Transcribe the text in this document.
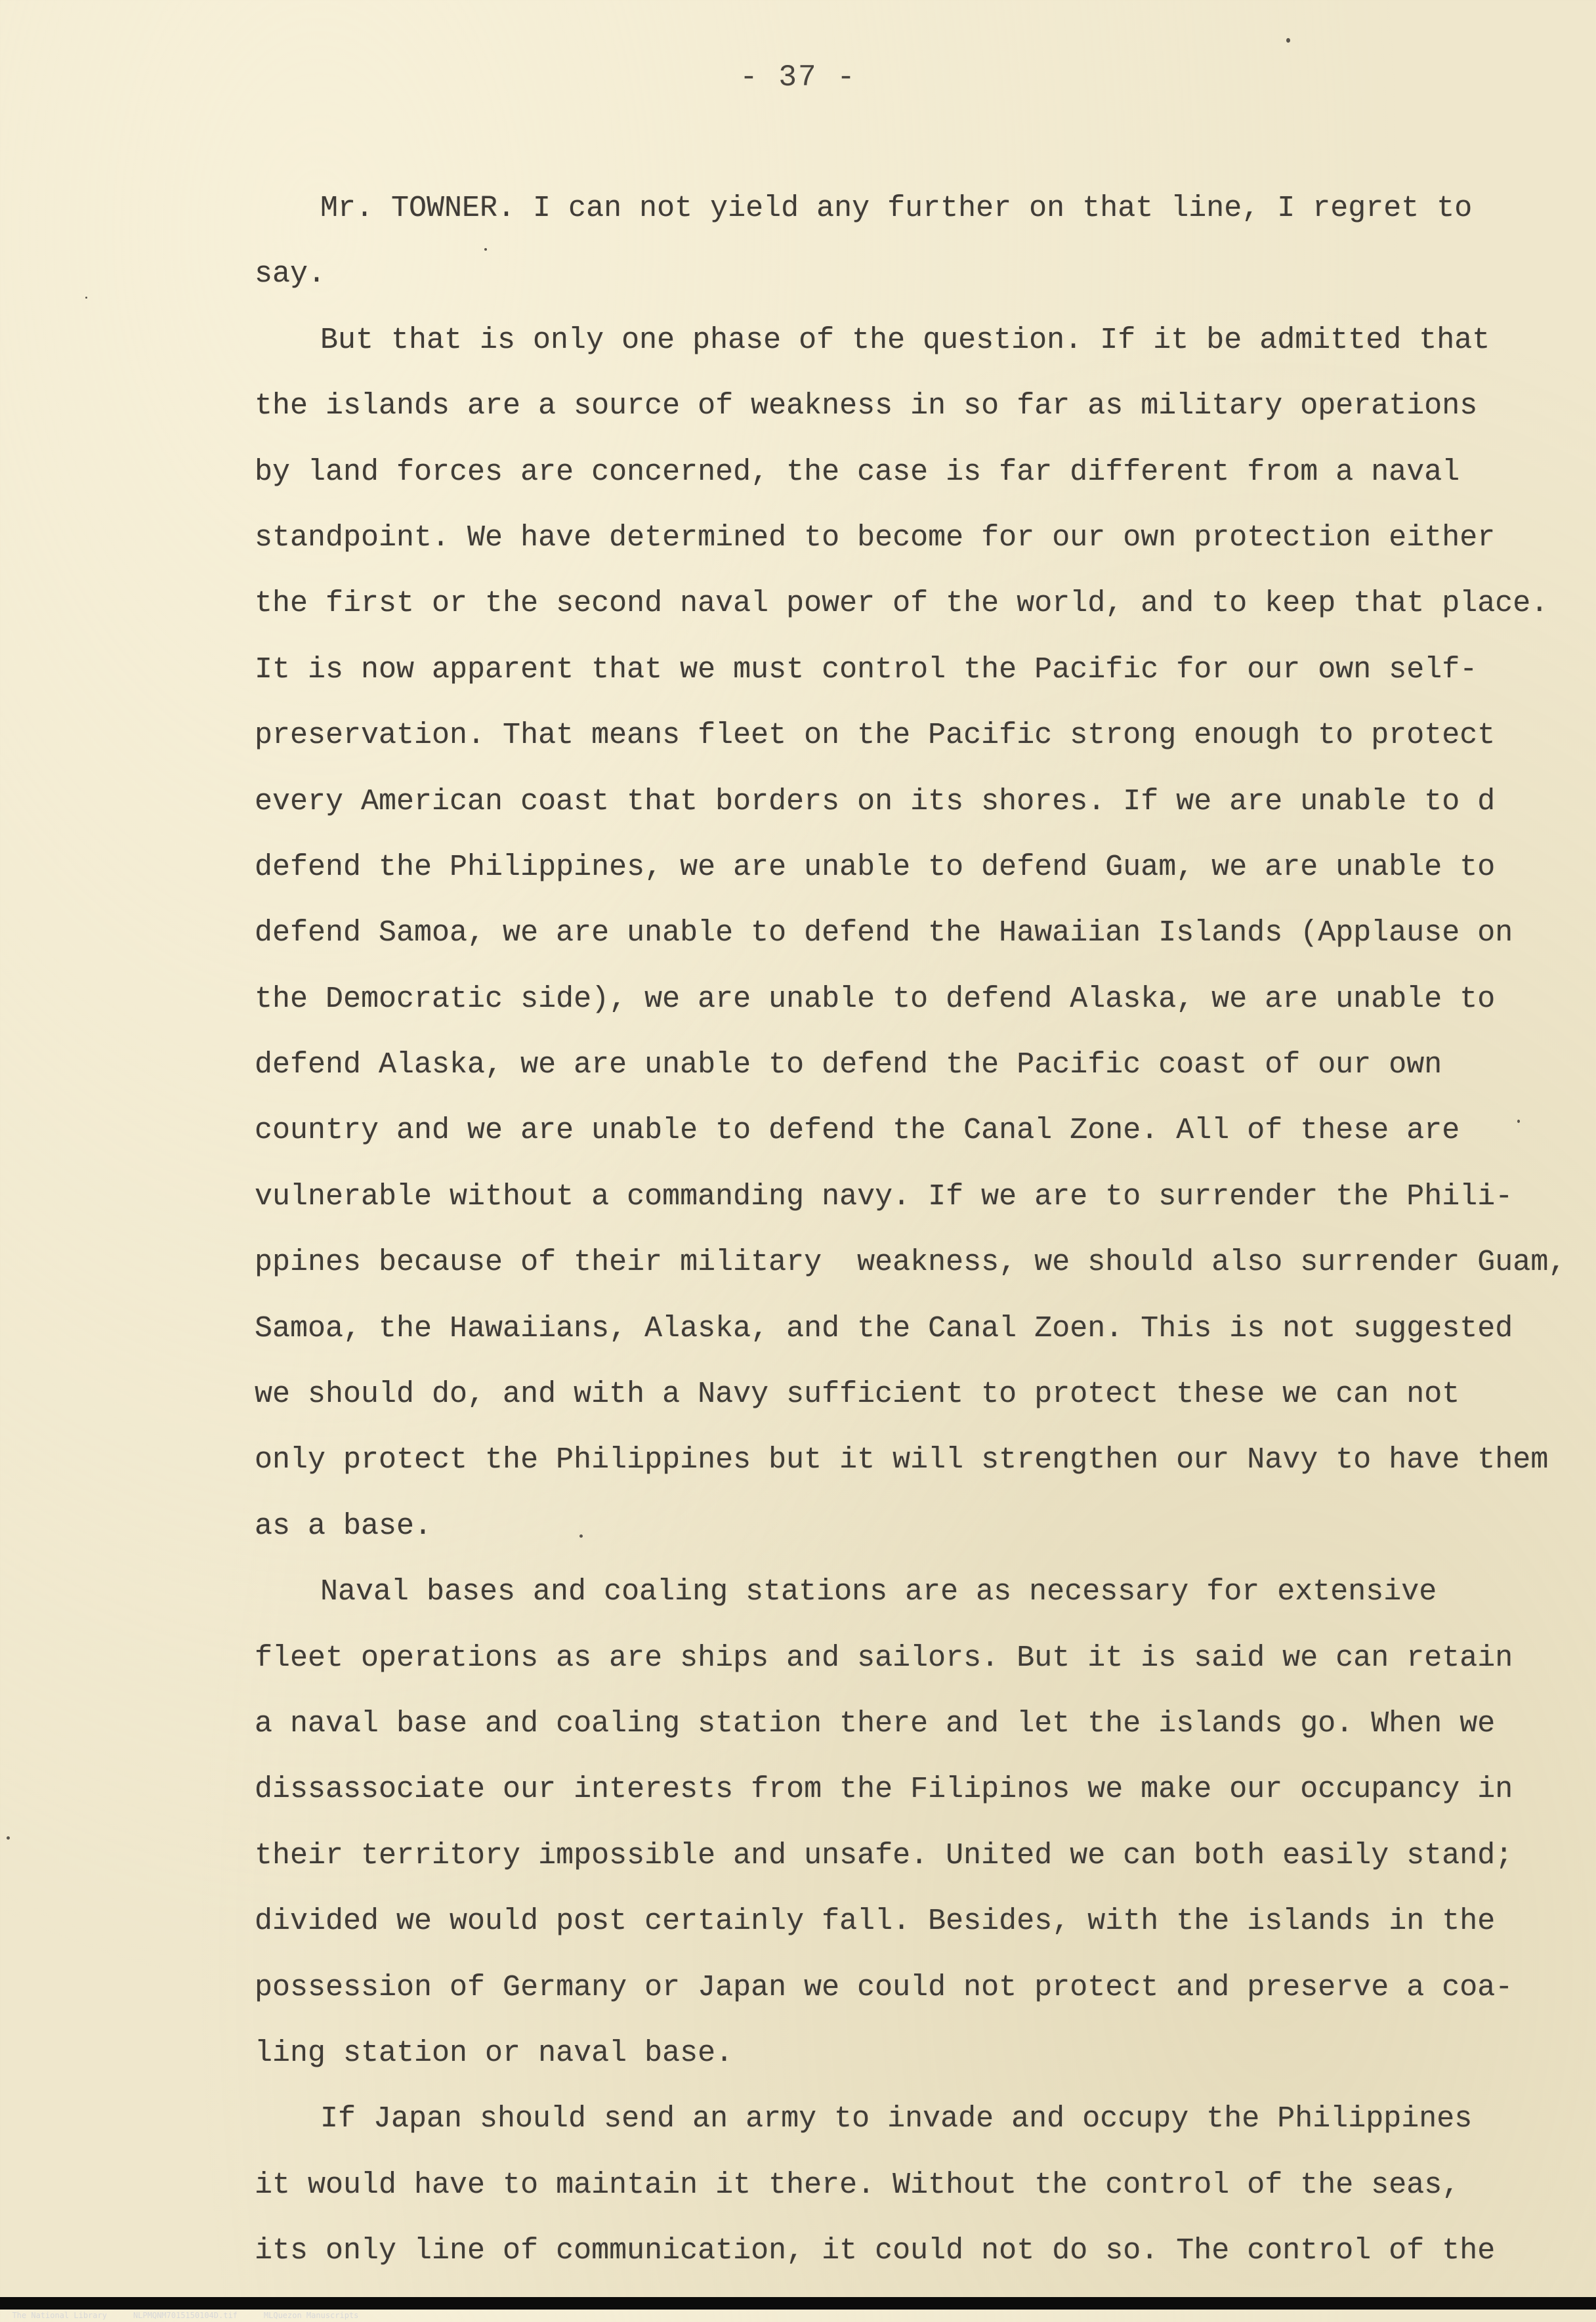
- 37 -
Mr. TOWNER. I can not yield any further on that line, I regret to
say.
But that is only one phase of the question. If it be admitted that
the islands are a source of weakness in so far as military operations
by land forces are concerned, the case is far different from a naval
standpoint. We have determined to become for our own protection either
the first or the second naval power of the world, and to keep that place.
It is now apparent that we must control the Pacific for our own self-
preservation. That means fleet on the Pacific strong enough to protect
every American coast that borders on its shores. If we are unable to d
defend the Philippines, we are unable to defend Guam, we are unable to
defend Samoa, we are unable to defend the Hawaiian Islands (Applause on
the Democratic side), we are unable to defend Alaska, we are unable to
defend Alaska, we are unable to defend the Pacific coast of our own
country and we are unable to defend the Canal Zone. All of these are
vulnerable without a commanding navy. If we are to surrender the Phili-
ppines because of their military  weakness, we should also surrender Guam,
Samoa, the Hawaiians, Alaska, and the Canal Zoen. This is not suggested
we should do, and with a Navy sufficient to protect these we can not
only protect the Philippines but it will strengthen our Navy to have them
as a base.
Naval bases and coaling stations are as necessary for extensive
fleet operations as are ships and sailors. But it is said we can retain
a naval base and coaling station there and let the islands go. When we
dissassociate our interests from the Filipinos we make our occupancy in
their territory impossible and unsafe. United we can both easily stand;
divided we would post certainly fall. Besides, with the islands in the
possession of Germany or Japan we could not protect and preserve a coa-
ling station or naval base.
If Japan should send an army to invade and occupy the Philippines
it would have to maintain it there. Without the control of the seas,
its only line of communication, it could not do so. The control of the

The National Library	NLPMQNM7015150104D.tif	MLQuezon Manuscripts
